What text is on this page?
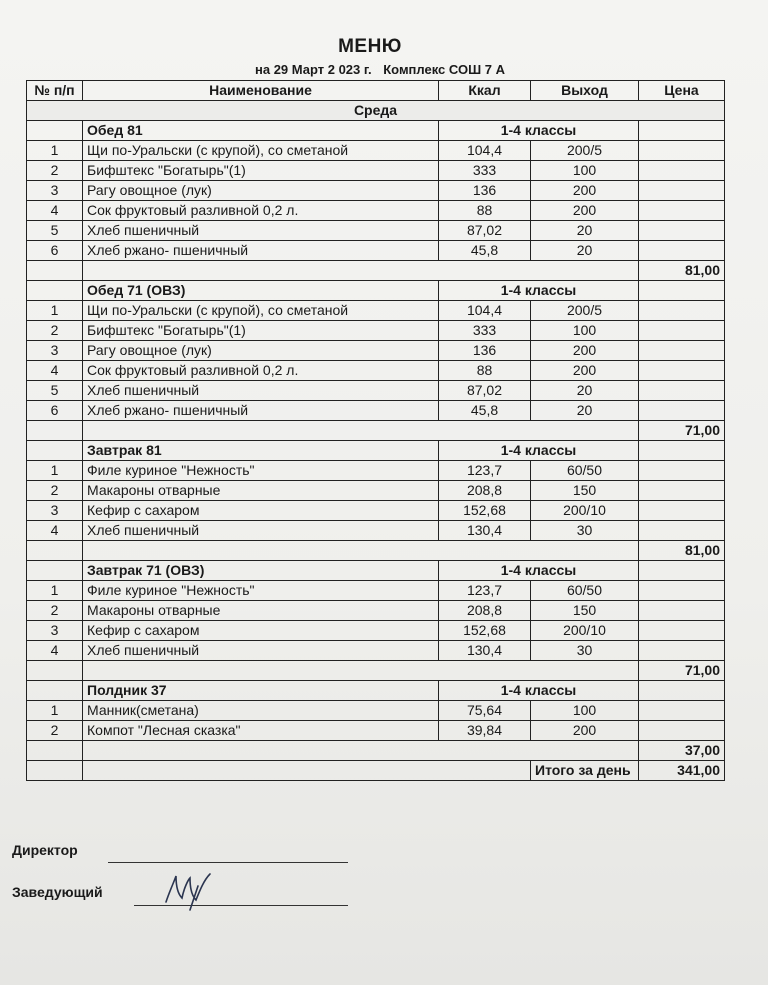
МЕНЮ
на 29 Март 2 023 г. Комплекс СОШ 7 А
№ п/п	Наименование	Ккал	Выход	Цена
Среда				
	Обед 81	1-4 классы		
1	Щи по-Уральски (с крупой), со сметаной	104,4	200/5	
2	Бифштекс "Богатырь"(1)	333	100	
3	Рагу овощное (лук)	136	200	
4	Сок фруктовый разливной 0,2 л.	88	200	
5	Хлеб пшеничный	87,02	20	
6	Хлеб ржано- пшеничный	45,8	20	
				81,00
	Обед 71 (ОВЗ)	1-4 классы		
1	Щи по-Уральски (с крупой), со сметаной	104,4	200/5	
2	Бифштекс "Богатырь"(1)	333	100	
3	Рагу овощное (лук)	136	200	
4	Сок фруктовый разливной 0,2 л.	88	200	
5	Хлеб пшеничный	87,02	20	
6	Хлеб ржано- пшеничный	45,8	20	
				71,00
	Завтрак 81	1-4 классы		
1	Филе куриное "Нежность"	123,7	60/50	
2	Макароны отварные	208,8	150	
3	Кефир с сахаром	152,68	200/10	
4	Хлеб пшеничный	130,4	30	
				81,00
	Завтрак 71 (ОВЗ)	1-4 классы		
1	Филе куриное "Нежность"	123,7	60/50	
2	Макароны отварные	208,8	150	
3	Кефир с сахаром	152,68	200/10	
4	Хлеб пшеничный	130,4	30	
				71,00
	Полдник 37	1-4 классы		
1	Манник(сметана)	75,64	100	
2	Компот "Лесная сказка"	39,84	200	
				37,00
			Итого за день	341,00
Директор
Заведующий
